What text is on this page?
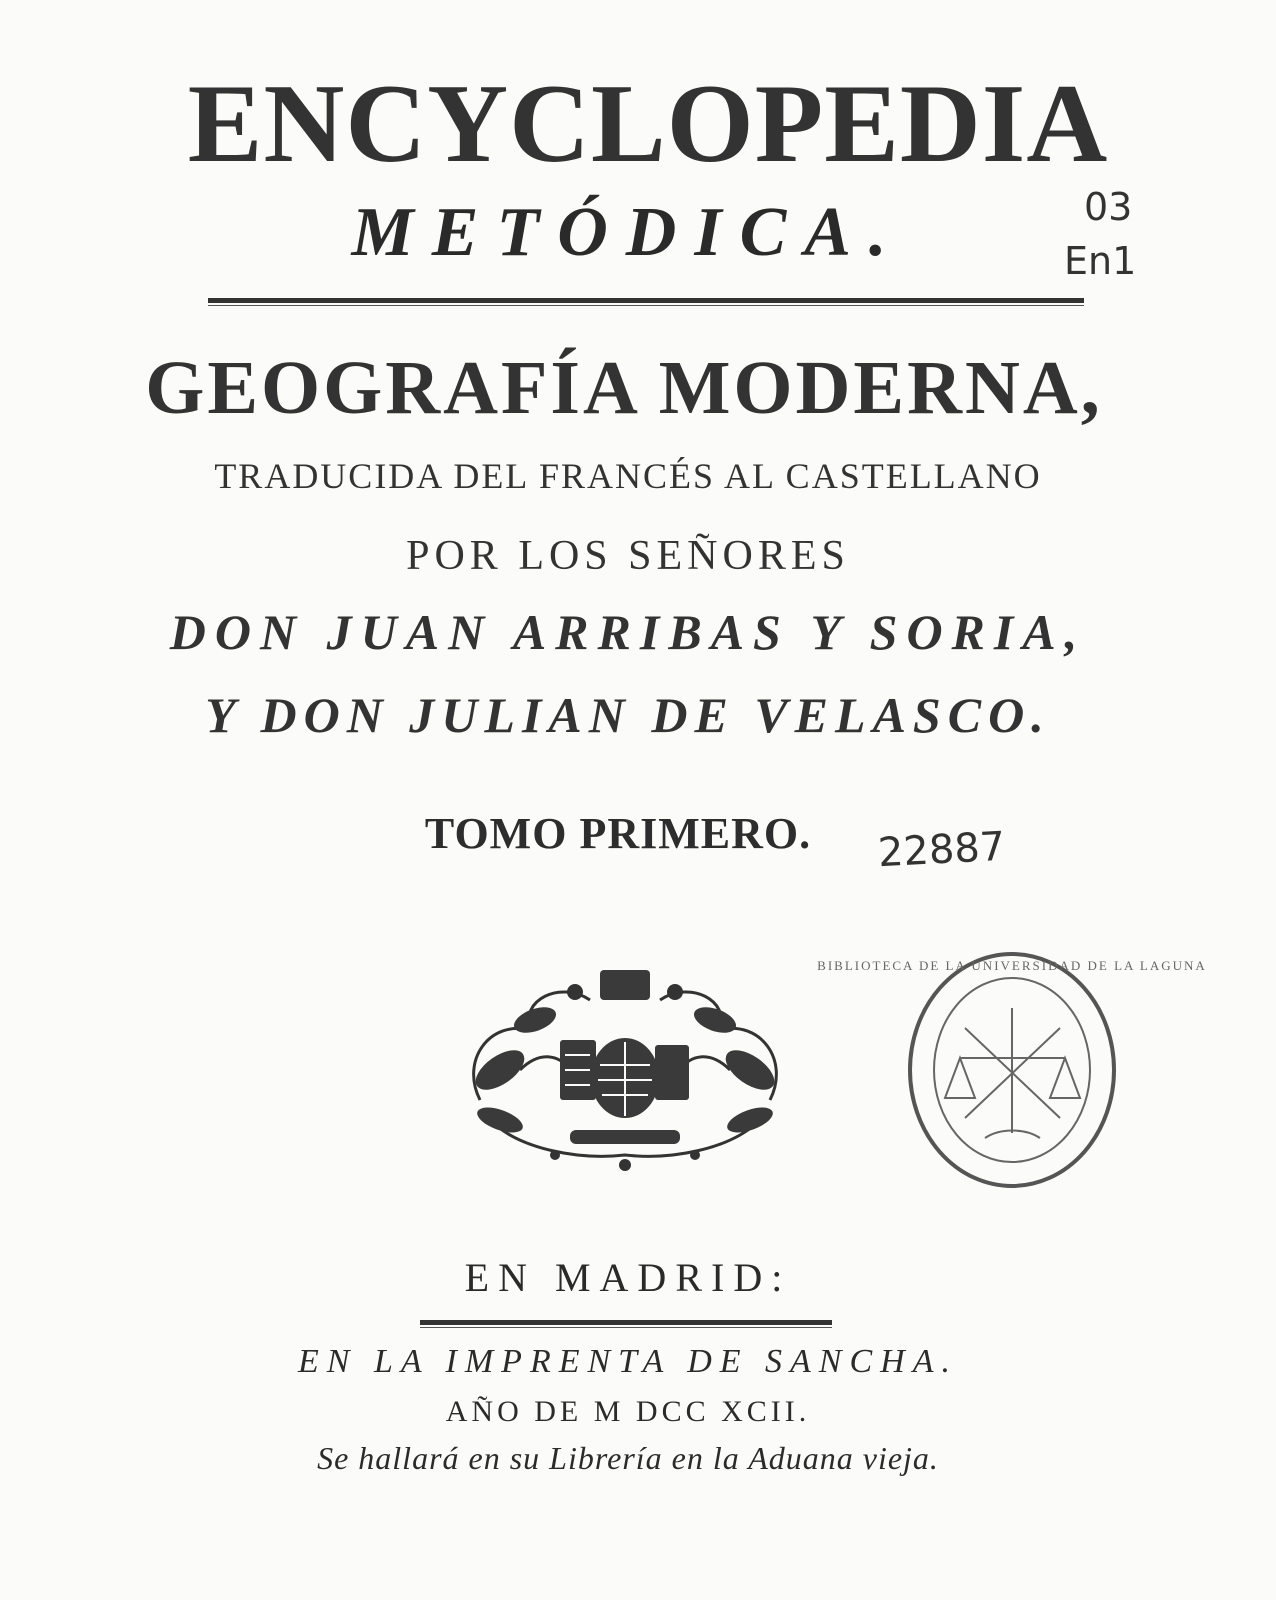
ENCYCLOPEDIA
METÓDICA.	03
En1
GEOGRAFÍA MODERNA,
TRADUCIDA DEL FRANCÉS AL CASTELLANO
POR LOS SEÑORES
DON JUAN ARRIBAS Y SORIA,
Y DON JULIAN DE VELASCO.
TOMO PRIMERO.	22887
BIBLIOTECA DE LA UNIVERSIDAD DE LA LAGUNA
EN MADRID:
EN LA IMPRENTA DE SANCHA.
AÑO DE M DCC XCII.
Se hallará en su Librería en la Aduana vieja.
